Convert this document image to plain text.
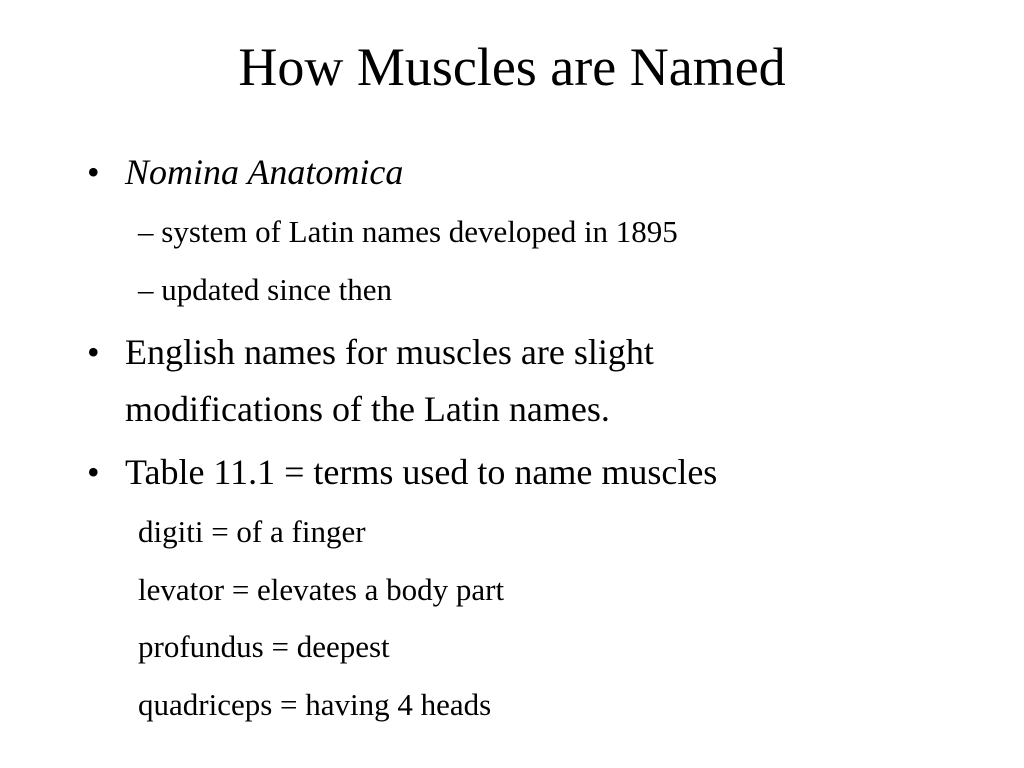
How Muscles are Named
• Nomina Anatomica
– system of Latin names developed in 1895
– updated since then
• English names for muscles are slight
modifications of the Latin names.
• Table 11.1 = terms used to name muscles
digiti = of a finger
levator = elevates a body part
profundus = deepest
quadriceps = having 4 heads
